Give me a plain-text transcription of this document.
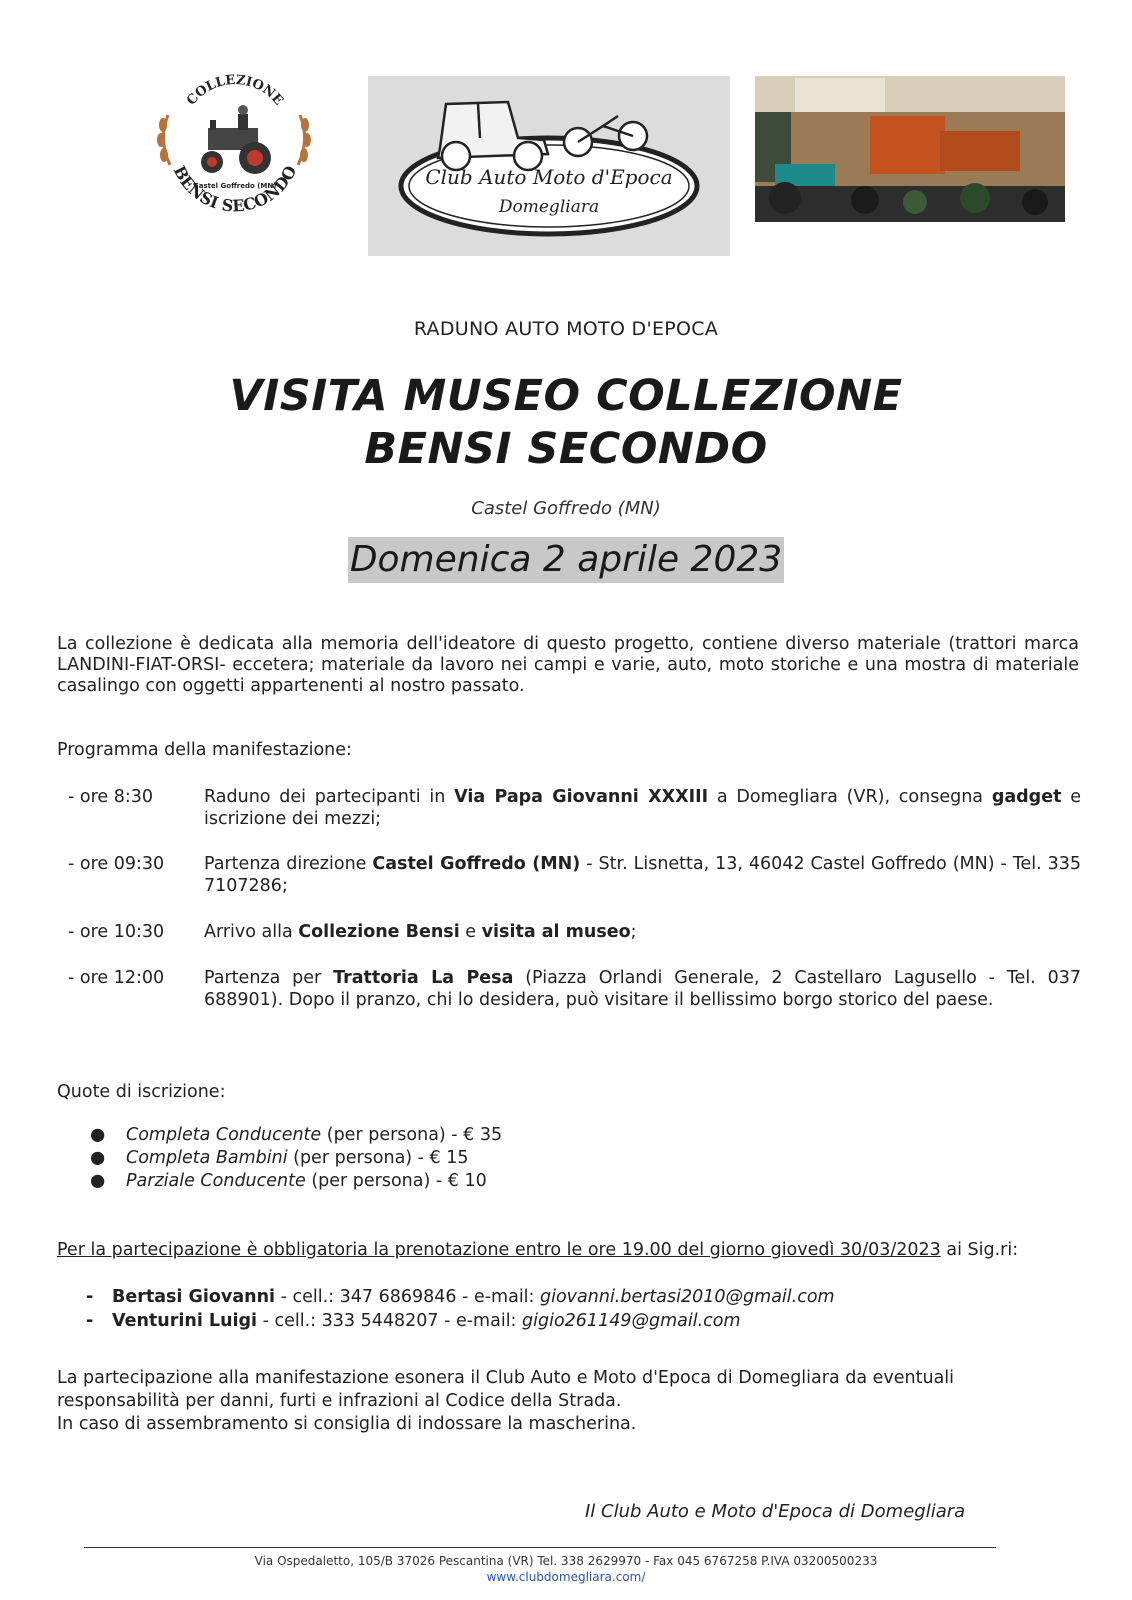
COLLEZIONE
Castel Goffredo (MN)
BENSI SECONDO	Club Auto Moto d'Epoca
Domegliara
RADUNO AUTO MOTO D'EPOCA
VISITA MUSEO COLLEZIONE
BENSI SECONDO
Castel Goffredo (MN)
Domenica 2 aprile 2023
La collezione è dedicata alla memoria dell'ideatore di questo progetto, contiene diverso materiale (trattori marca LANDINI-FIAT-ORSI- eccetera; materiale da lavoro nei campi e varie, auto, moto storiche e una mostra di materiale casalingo con oggetti appartenenti al nostro passato.
Programma della manifestazione:
- ore 8:30	Raduno dei partecipanti in Via Papa Giovanni XXXIII a Domegliara (VR), consegna gadget e iscrizione dei mezzi;
- ore 09:30	Partenza direzione Castel Goffredo (MN) - Str. Lisnetta, 13, 46042 Castel Goffredo (MN) - Tel. 335 7107286;
- ore 10:30	Arrivo alla Collezione Bensi e visita al museo;
- ore 12:00	Partenza per Trattoria La Pesa (Piazza Orlandi Generale, 2 Castellaro Lagusello - Tel. 037 688901). Dopo il pranzo, chi lo desidera, può visitare il bellissimo borgo storico del paese.
Quote di iscrizione:
● Completa Conducente (per persona) - € 35
● Completa Bambini (per persona) - € 15
● Parziale Conducente (per persona) - € 10
Per la partecipazione è obbligatoria la prenotazione entro le ore 19.00 del giorno giovedì 30/03/2023 ai Sig.ri:
- Bertasi Giovanni - cell.: 347 6869846 - e-mail: giovanni.bertasi2010@gmail.com
- Venturini Luigi - cell.: 333 5448207 - e-mail: gigio261149@gmail.com
La partecipazione alla manifestazione esonera il Club Auto e Moto d'Epoca di Domegliara da eventuali responsabilità per danni, furti e infrazioni al Codice della Strada.
In caso di assembramento si consiglia di indossare la mascherina.
Il Club Auto e Moto d'Epoca di Domegliara
Via Ospedaletto, 105/B 37026 Pescantina (VR) Tel. 338 2629970 - Fax 045 6767258 P.IVA 03200500233
www.clubdomegliara.com/
